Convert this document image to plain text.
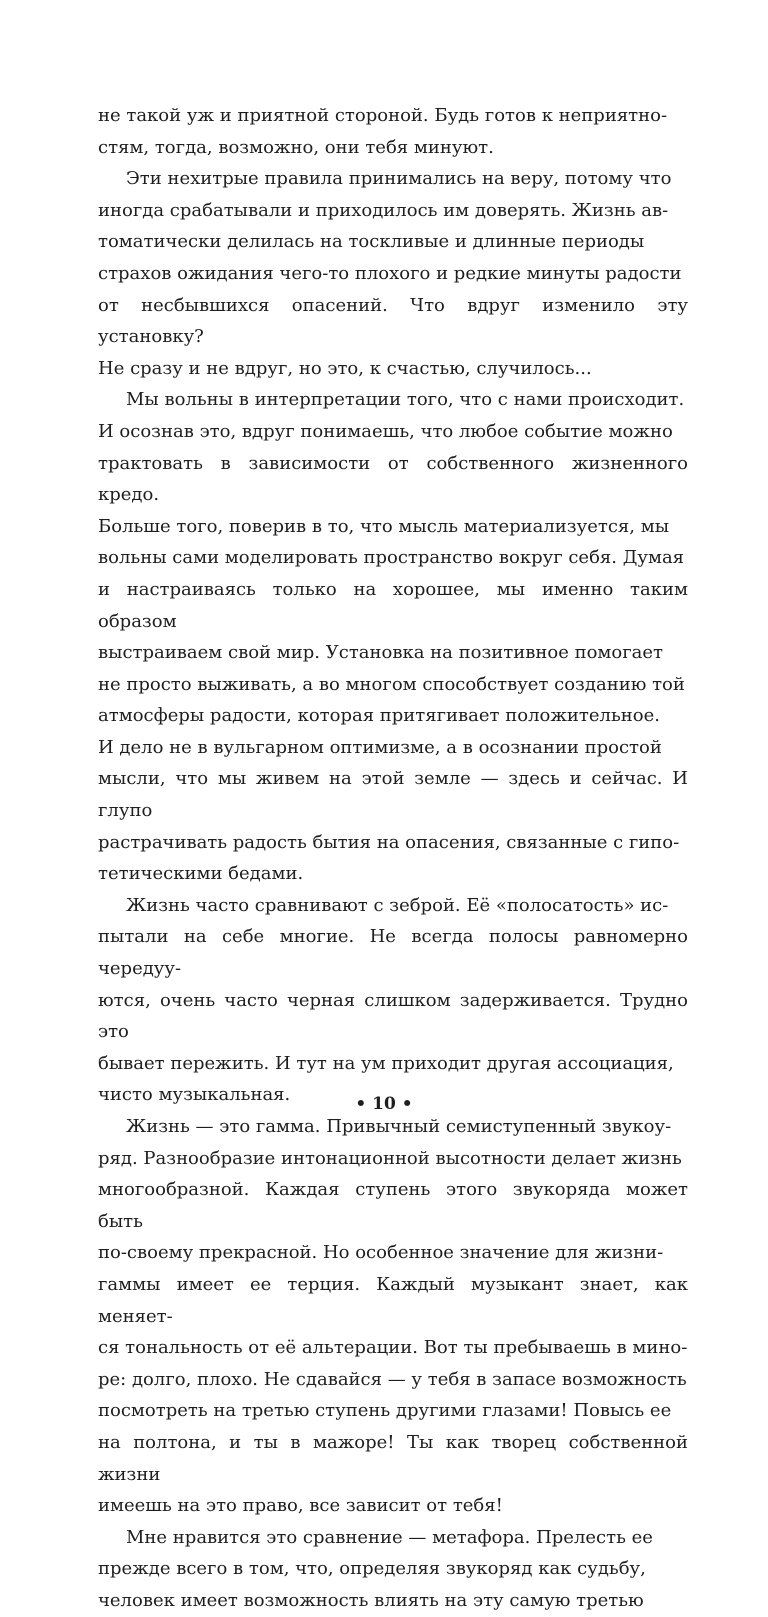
не такой уж и приятной стороной. Будь готов к неприятно-
стям, тогда, возможно, они тебя минуют.

Эти нехитрые правила принимались на веру, потому что
иногда срабатывали и приходилось им доверять. Жизнь ав-
томатически делилась на тоскливые и длинные периоды
страхов ожидания чего-то плохого и редкие минуты радости
от несбывшихся опасений. Что вдруг изменило эту установку?
Не сразу и не вдруг, но это, к счастью, случилось...

Мы вольны в интерпретации того, что с нами происходит.
И осознав это, вдруг понимаешь, что любое событие можно
трактовать в зависимости от собственного жизненного кредо.
Больше того, поверив в то, что мысль материализуется, мы
вольны сами моделировать пространство вокруг себя. Думая
и настраиваясь только на хорошее, мы именно таким образом
выстраиваем свой мир. Установка на позитивное помогает
не просто выживать, а во многом способствует созданию той
атмосферы радости, которая притягивает положительное.
И дело не в вульгарном оптимизме, а в осознании простой
мысли, что мы живем на этой земле — здесь и сейчас. И глупо
растрачивать радость бытия на опасения, связанные с гипо-
тетическими бедами.

Жизнь часто сравнивают с зеброй. Её «полосатость» ис-
пытали на себе многие. Не всегда полосы равномерно чередуу-
ются, очень часто черная слишком задерживается. Трудно это
бывает пережить. И тут на ум приходит другая ассоциация,
чисто музыкальная.

Жизнь — это гамма. Привычный семиступенный звукоу-
ряд. Разнообразие интонационной высотности делает жизнь
многообразной. Каждая ступень этого звукоряда может быть
по-своему прекрасной. Но особенное значение для жизни-
гаммы имеет ее терция. Каждый музыкант знает, как меняет-
ся тональность от её альтерации. Вот ты пребываешь в мино-
ре: долго, плохо. Не сдавайся — у тебя в запасе возможность
посмотреть на третью ступень другими глазами! Повысь ее
на полтона, и ты в мажоре! Ты как творец собственной жизни
имеешь на это право, все зависит от тебя!

Мне нравится это сравнение — метафора. Прелесть ее
прежде всего в том, что, определяя звукоряд как судьбу,
человек имеет возможность влиять на эту самую третью

• 10 •
